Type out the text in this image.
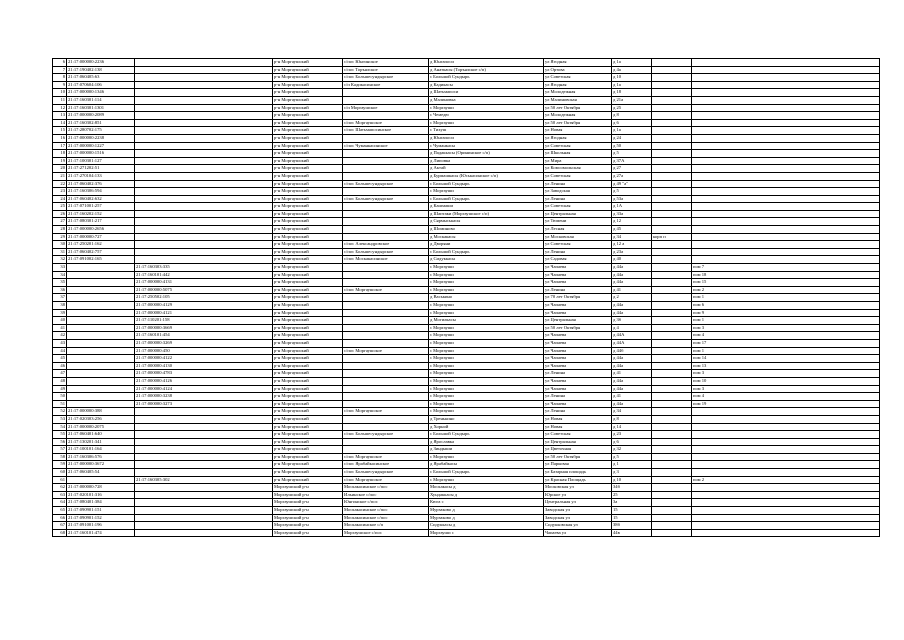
6	21:17:000000:2236		р-н Моргаушский	с/пос Юнгинское	д Юнгапоси	ул Ягодная	д 1а		
7	21:17:190402:138		р-н Моргаушский	с/пос Торъялское	д Анаткасы (Торъялское с/п)	ул Ортова	д 4а		
8	21:17:060405:63		р-н Моргаушский	с/пос Большесундырское	с Большой Сундырь	ул Советская	д 10		
9	21:17:070604:106		р-н Моргаушский	с/п Кадикасинское	д Кадикасы	ул Ягодная	д 1а		
10	21:17:000000:1346		р-н Моргаушский		д Шатьмапоси	ул Молодежная	д 18		
11	21:17:160301:114		р-н Моргаушский		д Малиновка	ул Малиновская	д 21а		
12	21:17:160301:1301		р-н Моргаушский	с/п Моргаушское	с Моргауши	ул 50 лет Октября	д 25		
13	21:17:000000:2089		р-н Моргаушский		с Чемедю	ул Молодежная	д 8		
14	21:17:160302:851		р-н Моргаушский	с/пос Моргаушское	с Моргауши	ул 50 лет Октября	д 6		
15	21:17:280702:175		р-н Моргаушский	с/пос Шатьмапосинское	с Тихуш	ул Новая	д 1а		
16	21:17:000000:2238		р-н Моргаушский		д Юнгапоси	ул Ягодная	д 24		
17	21:17:000000:1227		р-н Моргаушский	с/пос Чуманкасинское	с Чуманкасы	ул Советская	д 50		
18	21:17:000000:1516		р-н Моргаушский		д Падаккасы (Орининское с/п)	ул Школьная	д 5		
19	21:17:100301:127		р-н Моргаушский		д Липовка	ул Мира	д 37А		
20	21:17:271202:51		р-н Моргаушский		д Актай	ул Комсомольская	д 27		
21	21:17:270104:133		р-н Моргаушский		д Бурмашкасы (Юськасинское с/п)	ул Советская	д 27а		
22	21:17:060402:376		р-н Моргаушский	с/пос Большесундырское	с Большой Сундырь	ул Ленина	д 49 "а"		
23	21:17:160306:594		р-н Моргаушский		с Моргауши	ул Заводская	д 5		
24	21:17:060402:632		р-н Моргаушский	с/пос Большесундырское	с Большой Сундырь	ул Ленина	д 53а		
25	21:17:071001:257		р-н Моргаушский		д Кашмаши	ул Советская	д 1А		
26	21:17:160202:152		р-н Моргаушский		д Шаптаки (Моргаушское с/п)	ул Центральная	д 33а		
27	21:17:080301:217		р-н Моргаушский		д Сярмыськасы	ул Тюмени	д 12		
28	21:17:000000:2656		р-н Моргаушский		д Шоминово	ул Лесная	д 45		
29	21:17:000000:727		р-н Моргаушский		д Москакасы	ул Московская	д 34	корп п	
30	21:17:250201:162		р-н Моргаушский	с/пос Александровское	д Дворяни	ул Советская	д 12 а		
31	21:17:060402:757		р-н Моргаушский	с/пос Большесундырское	с Большой Сундырь	ул Ленина	д 23а		
32	21:17:091002:165		р-н Моргаушский	с/пос Москакасинское	д Сидуккасы	ул Садовая	д 40		
33		21:17:160303:335	р-н Моргаушский		с Моргауши	ул Чапаева	д 44а		пом 7
34		21:17:160101:442	р-н Моргаушский		с Моргауши	ул Чапаева	д 44а		пом 18
35		21:17:000000:4131	р-н Моргаушский		с Моргауши	ул Чапаева	д 44а		пом 15
36		21:17:000000:5075	р-н Моргаушский	с/пос Моргаушское	с Моргауши	ул Ленина	д 41		пом 2
37		21:17:250502:105	р-н Моргаушский		д Васькино	ул 70 лет Октября	д 2		пом 1
38		21:17:000000:4129	р-н Моргаушский		с Моргауши	ул Чапаева	д 44а		пом 6
39		21:17:000000:4121	р-н Моргаушский		с Моргауши	ул Чапаева	д 44а		пом 9
40		21:17:110201:158	р-н Моргаушский		д Могилкасы	ул Центральная	д 3б		пом 1
41		21:17:000000:3669	р-н Моргаушский		с Моргауши	ул 50 лет Октября	д 4		пом 3
42		21:17:160101:454	р-н Моргаушский		с Моргауши	ул Чапаева	д 44А		пом 4
43		21:17:000000:3269	р-н Моргаушский		с Моргауши	ул Чапаева	д 44А		пом 17
44		21:17:000000:450	р-н Моргаушский	с/пос Моргаушское	с Моргауши	ул Чапаева	д 44б		пом 1
45		21:17:000000:4122	р-н Моргаушский		с Моргауши	ул Чапаева	д 44а		пом 14
46		21:17:000000:4130	р-н Моргаушский		с Моргауши	ул Чапаева	д 44а		пом 13
47		21:17:000000:4783	р-н Моргаушский		с Моргауши	ул Ленина	д 41		пом 3
48		21:17:000000:4126	р-н Моргаушский		с Моргауши	ул Чапаева	д 44а		пом 10
49		21:17:000000:4124	р-н Моргаушский		с Моргауши	ул Чапаева	д 44а		пом 3
50		21:17:000000:3238	р-н Моргаушский		с Моргауши	ул Ленина	д 41		пом 4
51		21:17:000000:3273	р-н Моргаушский		с Моргауши	ул Чапаева	д 44а		пом 19
52	21:17:000000:388		р-н Моргаушский	с/пос Моргаушское	с Моргауши	ул Ленина	д 34		
53	21:17:020303:256		р-н Моргаушский		д Тренькино	ул Новая	д 8		
54	21:17:000000:2075		р-н Моргаушский		д Хорной	ул Новая	д 14		
55	21:17:060401:640		р-н Моргаушский	с/пос Большесундырское	с Большой Сундырь	ул Советская	д 23		
56	21:17:130201:341		р-н Моргаушский		д Ярославка	ул Центральная	д 6		
57	21:17:100101:164		р-н Моргаушский		д Зиндыши	ул Цветочная	д 32		
58	21:17:160306:576		р-н Моргаушский	с/пос Моргаушское	с Моргауши	ул 50 лет Октября	д 5		
59	21:17:000000:3672		р-н Моргаушский	с/пос Ярабайкасинское	д Ярабайкасы	ул Парковая	д 1		
60	21:17:060405:54		р-н Моргаушский	с/пос Большесундырское	с Большой Сундырь	ул Базарная площадь	д 3		
61		21:17:160305:302	р-н Моргаушский	с/пос Моргаушское	с Моргауши	ул Красная Площадь	д 10		пом 2
62	21:17:000000:728		Моргаушский р-н	Москакасинское с/пос	Москакасы д	Московская ул	34б		
63	21:17:020101:316		Моргаушский р-н	Ильинское с/пос	Хундаккасы д	Юрское ул	25		
64	21:17:080401:384		Моргаушский р-н	Юнгинское с/пос	Кюга с	Центральная ул	3а		
65	21:17:090901:151		Моргаушский р-н	Москакасинское с/пос	Мурзаково д	Заводская ул	15		
66	21:17:090901:152		Моргаушский р-н	Москакасинское с/пос	Мурзаково д	Заводская ул	15		
67	21:17:091001:196		Моргаушский р-н	Москакасинское с/п	Сидуккасы д	Сидукковская ул	38б		
68	21:17:160101:474		Моргаушский р-н	Моргаушское с/пос	Моргауши с	Чапаева ул	44в		
